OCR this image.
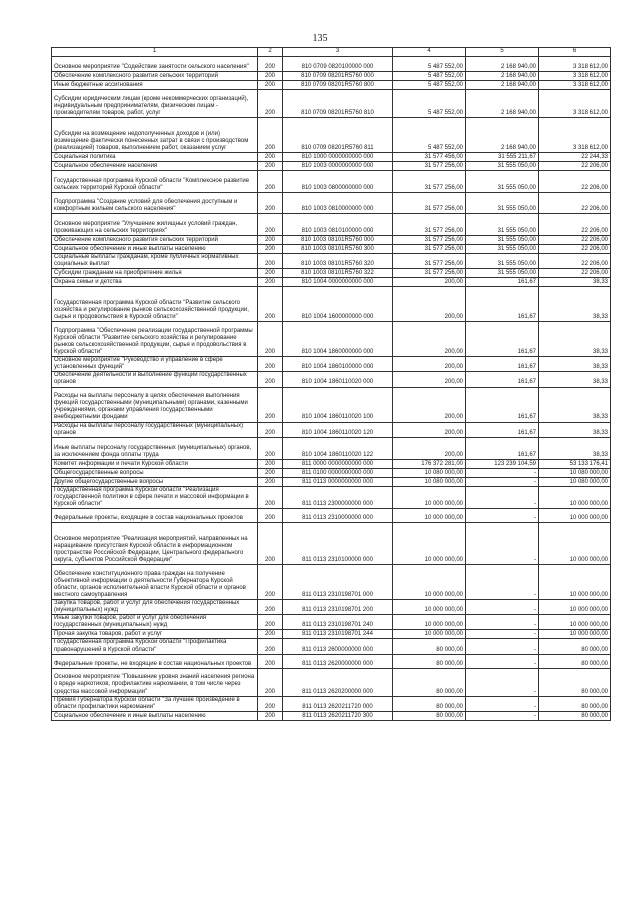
135
1	2	3	4	5	6
Основное мероприятие "Содействие занятости сельского населения"	200	810 0709 0820100000 000	5 487 552,00	2 168 940,00	3 318 612,00
Обеспечение комплексного развития сельских территорий	200	810 0709 08201R5760 000	5 487 552,00	2 168 940,00	3 318 612,00
Иные бюджетные ассигнования	200	810 0709 08201R5760 800	5 487 552,00	2 168 940,00	3 318 612,00
Субсидии юридическим лицам (кроме некоммерческих организаций), индивидуальным предпринимателям, физическим лицам - производителям товаров, работ, услуг	200	810 0709 08201R5760 810	5 487 552,00	2 168 940,00	3 318 612,00
Субсидии на возмещение недополученных доходов и (или) возмещение фактически понесенных затрат в связи с производством (реализацией) товаров, выполнением работ, оказанием услуг	200	810 0709 08201R5760 811	5 487 552,00	2 168 940,00	3 318 612,00
Социальная политика	200	810 1000 0000000000 000	31 577 456,00	31 555 211,67	22 244,33
Социальное обеспечение населения	200	810 1003 0000000000 000	31 577 256,00	31 555 050,00	22 206,00
Государственная программа Курской области "Комплексное развитие сельских территорий Курской области"	200	810 1003 0800000000 000	31 577 256,00	31 555 050,00	22 206,00
Подпрограмма "Создание условий для обеспечения доступным и комфортным жильем сельского населения"	200	810 1003 0810000000 000	31 577 256,00	31 555 050,00	22 206,00
Основное мероприятие "Улучшение жилищных условий граждан, проживающих на сельских территориях"	200	810 1003 0810100000 000	31 577 256,00	31 555 050,00	22 206,00
Обеспечение комплексного развития сельских территорий	200	810 1003 08101R5760 000	31 577 256,00	31 555 050,00	22 206,00
Социальное обеспечение и иные выплаты населению	200	810 1003 08101R5760 300	31 577 256,00	31 555 050,00	22 206,00
Социальные выплаты гражданам, кроме публичных нормативных социальных выплат	200	810 1003 08101R5760 320	31 577 256,00	31 555 050,00	22 206,00
Субсидии гражданам на приобретение жилья	200	810 1003 08101R5760 322	31 577 256,00	31 555 050,00	22 206,00
Охрана семьи и детства	200	810 1004 0000000000 000	200,00	161,67	38,33
Государственная программа Курской области "Развитие сельского хозяйства и регулирование рынков сельскохозяйственной продукции, сырья и продовольствия в Курской области"	200	810 1004 1600000000 000	200,00	161,67	38,33
Подпрограмма "Обеспечение реализации государственной программы Курской области "Развитие сельского хозяйства и регулирование рынков сельскохозяйственной продукции, сырья и продовольствия в Курской области"	200	810 1004 1860000000 000	200,00	161,67	38,33
Основное мероприятие "Руководство и управление в сфере установленных функций"	200	810 1004 1860100000 000	200,00	161,67	38,33
Обеспечение деятельности и выполнение функций государственных органов	200	810 1004 1860110020 000	200,00	161,67	38,33
Расходы на выплаты персоналу в целях обеспечения выполнения функций государственными (муниципальными) органами, казенными учреждениями, органами управления государственными внебюджетными фондами	200	810 1004 1860110020 100	200,00	161,67	38,33
Расходы на выплаты персоналу государственных (муниципальных) органов	200	810 1004 1860110020 120	200,00	161,67	38,33
Иные выплаты персоналу государственных (муниципальных) органов, за исключением фонда оплаты труда	200	810 1004 1860110020 122	200,00	161,67	38,33
Комитет информации и печати Курской области	200	811 0000 0000000000 000	176 372 281,00	123 239 104,59	53 133 176,41
Общегосударственные вопросы	200	811 0100 0000000000 000	10 080 000,00	-	10 080 000,00
Другие общегосударственные вопросы	200	811 0113 0000000000 000	10 080 000,00	-	10 080 000,00
Государственная программа Курской области "Реализация государственной политики в сфере печати и массовой информации в Курской области"	200	811 0113 2300000000 000	10 000 000,00	-	10 000 000,00
Федеральные проекты, входящие в состав национальных проектов	200	811 0113 2310000000 000	10 000 000,00	-	10 000 000,00
Основное мероприятие "Реализация мероприятий, направленных на наращивание присутствия Курской области в информационном пространстве Российской Федерации, Центрального федерального округа, субъектов Российской Федерации"	200	811 0113 2310100000 000	10 000 000,00	-	10 000 000,00
Обеспечение конституционного права граждан на получение объективной информации о деятельности Губернатора Курской области, органов исполнительной власти Курской области и органов местного самоуправления	200	811 0113 2310198701 000	10 000 000,00	-	10 000 000,00
Закупка товаров, работ и услуг для обеспечения государственных (муниципальных) нужд	200	811 0113 2310198701 200	10 000 000,00	-	10 000 000,00
Иные закупки товаров, работ и услуг для обеспечения государственных (муниципальных) нужд	200	811 0113 2310198701 240	10 000 000,00	-	10 000 000,00
Прочая закупка товаров, работ и услуг	200	811 0113 2310198701 244	10 000 000,00	-	10 000 000,00
Государственная программа Курской области "Профилактика правонарушений в Курской области"	200	811 0113 2600000000 000	80 000,00	-	80 000,00
Федеральные проекты, не входящие в состав национальных проектов	200	811 0113 2620000000 000	80 000,00	-	80 000,00
Основное мероприятие "Повышение уровня знаний населения региона о вреде наркотиков, профилактике наркомании, в том числе через средства массовой информации"	200	811 0113 2620200000 000	80 000,00	-	80 000,00
Премия Губернатора Курской области "За лучшее произведение в области профилактики наркомании"	200	811 0113 2620211720 000	80 000,00	-	80 000,00
Социальное обеспечение и иные выплаты населению	200	811 0113 2620211720 300	80 000,00	-	80 000,00
